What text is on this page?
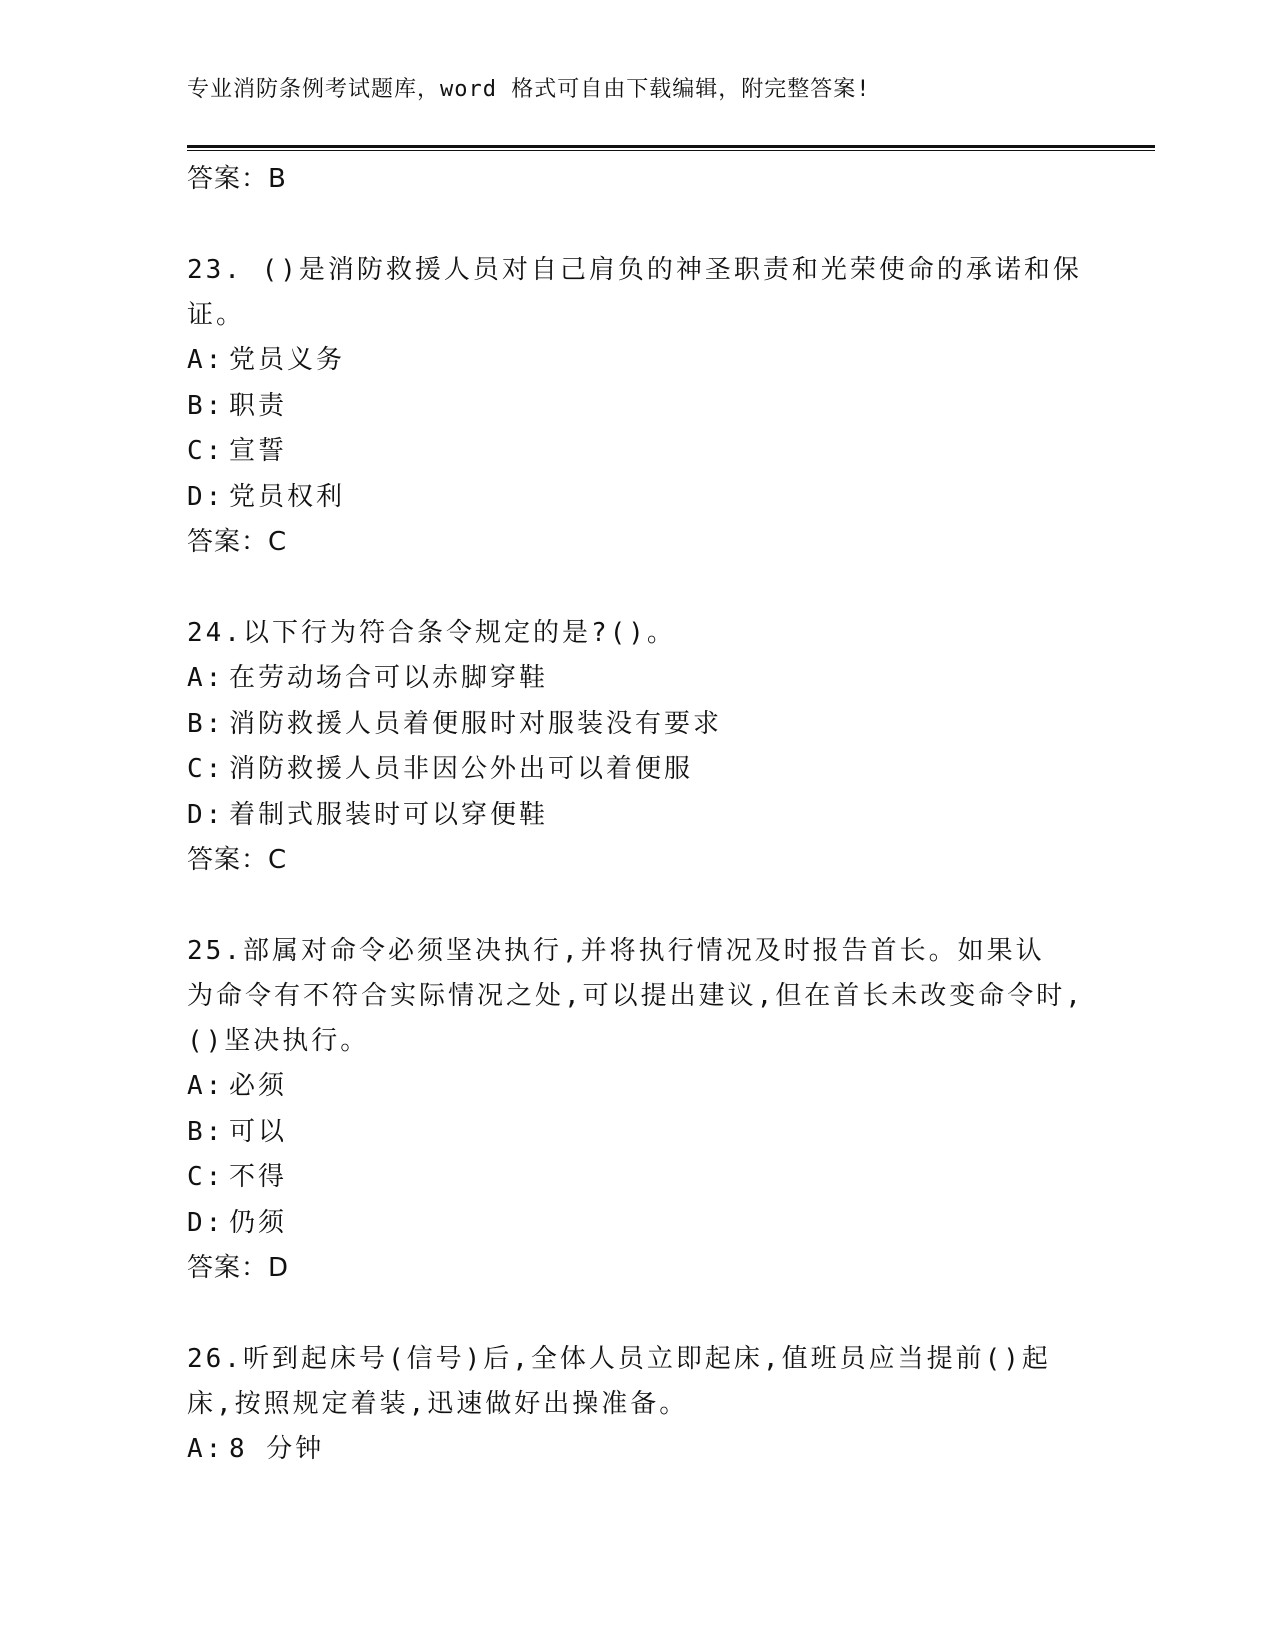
专业消防条例考试题库，word 格式可自由下载编辑，附完整答案!
答案：B
23. ()是消防救援人员对自己肩负的神圣职责和光荣使命的承诺和保证。
A: 党员义务
B: 职责
C: 宣誓
D: 党员权利
答案：C
24.以下行为符合条令规定的是?()。
A: 在劳动场合可以赤脚穿鞋
B: 消防救援人员着便服时对服装没有要求
C: 消防救援人员非因公外出可以着便服
D: 着制式服装时可以穿便鞋
答案：C
25.部属对命令必须坚决执行,并将执行情况及时报告首长。如果认 为命令有不符合实际情况之处,可以提出建议,但在首长未改变命令时,()坚决执行。
A: 必须
B: 可以
C: 不得
D: 仍须
答案：D
26.听到起床号(信号)后,全体人员立即起床,值班员应当提前()起床,按照规定着装,迅速做好出操准备。
A: 8 分钟
